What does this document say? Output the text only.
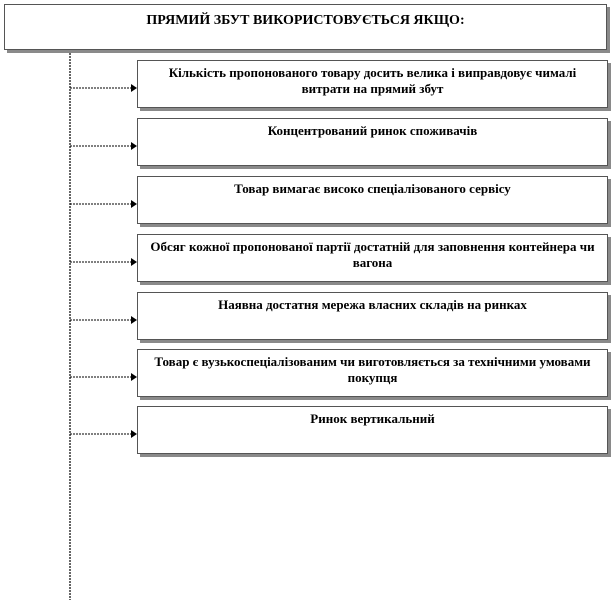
ПРЯМИЙ ЗБУТ ВИКОРИСТОВУЄТЬСЯ ЯКЩО:
Кількість пропонованого товару досить велика і виправдовує чималі витрати на прямий збут
Концентрований ринок споживачів
Товар вимагає високо спеціалізованого сервісу
Обсяг кожної пропонованої партії достатній для заповнення контейнера чи вагона
Наявна достатня мережа власних складів на ринках
Товар є вузькоспеціалізованим чи виготовляється за технічними умовами покупця
Ринок вертикальний
